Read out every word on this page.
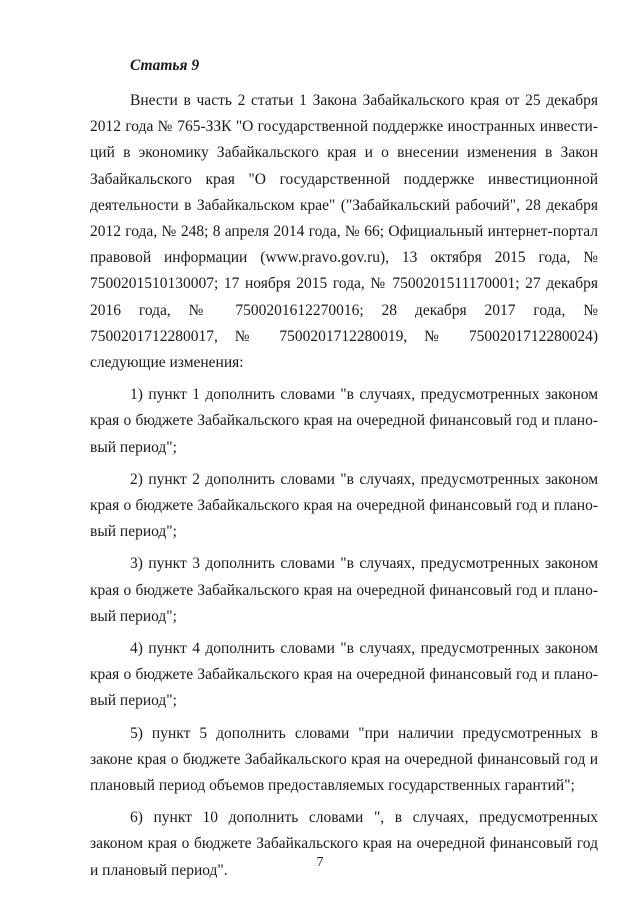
Статья 9

Внести в часть 2 статьи 1 Закона Забайкальского края от 25 декабря 2012 года № 765-ЗЗК "О государственной поддержке иностранных инвестиций в экономику Забайкальского края и о внесении изменения в Закон Забайкальского края "О государственной поддержке инвестиционной деятельности в Забайкальском крае" ("Забайкальский рабочий", 28 декабря 2012 года, № 248; 8 апреля 2014 года, № 66; Официальный интернет-портал правовой информации (www.pravo.gov.ru), 13 октября 2015 года, № 7500201510130007; 17 ноября 2015 года, № 7500201511170001; 27 декабря 2016 года, № 7500201612270016; 28 декабря 2017 года, № 7500201712280017, № 7500201712280019, № 7500201712280024) следующие изменения:

1) пункт 1 дополнить словами "в случаях, предусмотренных законом края о бюджете Забайкальского края на очередной финансовый год и плановый период";

2) пункт 2 дополнить словами "в случаях, предусмотренных законом края о бюджете Забайкальского края на очередной финансовый год и плановый период";

3) пункт 3 дополнить словами "в случаях, предусмотренных законом края о бюджете Забайкальского края на очередной финансовый год и плановый период";

4) пункт 4 дополнить словами "в случаях, предусмотренных законом края о бюджете Забайкальского края на очередной финансовый год и плановый период";

5) пункт 5 дополнить словами "при наличии предусмотренных в законе края о бюджете Забайкальского края на очередной финансовый год и плановый период объемов предоставляемых государственных гарантий";

6) пункт 10 дополнить словами ", в случаях, предусмотренных законом края о бюджете Забайкальского края на очередной финансовый год и плановый период".	7
